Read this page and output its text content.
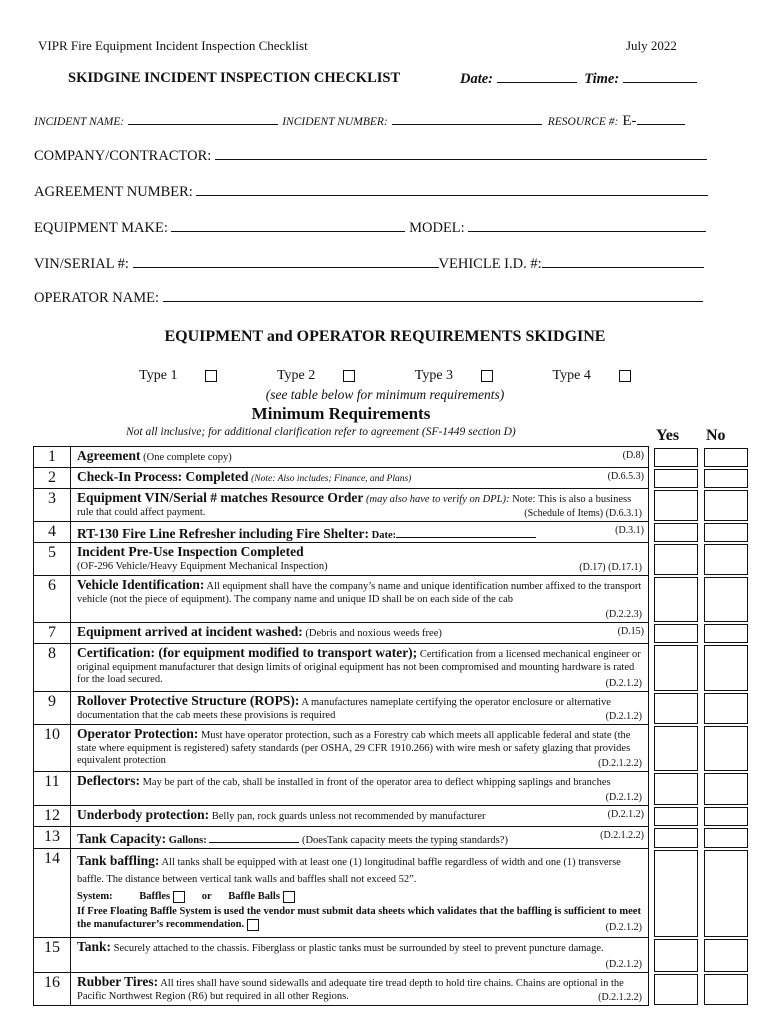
VIPR Fire Equipment Incident Inspection Checklist	July 2022
SKIDGINE INCIDENT INSPECTION CHECKLIST	Date:	Time:
INCIDENT NAME:	INCIDENT NUMBER:	RESOURCE #: E-
COMPANY/CONTRACTOR:
AGREEMENT NUMBER:
EQUIPMENT MAKE:	MODEL:
VIN/SERIAL #:	VEHICLE I.D. #:
OPERATOR NAME:
EQUIPMENT and OPERATOR REQUIREMENTS SKIDGINE
Type 1	Type 2	Type 3	Type 4
(see table below for minimum requirements)
Minimum Requirements
Not all inclusive; for additional clarification refer to agreement (SF-1449 section D)	Yes No
1	Agreement (One complete copy)	(D.8)
2	Check-In Process: Completed (Note: Also includes; Finance, and Plans)	(D.6.5.3)
3	Equipment VIN/Serial # matches Resource Order (may also have to verify on DPL): Note: This is also a business rule that could affect payment.	(Schedule of Items) (D.6.3.1)
4	RT-130 Fire Line Refresher including Fire Shelter: Date:	(D.3.1)
5	Incident Pre-Use Inspection Completed
(OF-296 Vehicle/Heavy Equipment Mechanical Inspection)	(D.17) (D.17.1)
6	Vehicle Identification: All equipment shall have the company’s name and unique identification number affixed to the transport vehicle (not the piece of equipment). The company name and unique ID shall be on each side of the cab
(D.2.2.3)
7	Equipment arrived at incident washed: (Debris and noxious weeds free)	(D.15)
8	Certification: (for equipment modified to transport water); Certification from a licensed mechanical engineer or original equipment manufacturer that design limits of original equipment has not been compromised and mounting hardware is rated for the load secured.	(D.2.1.2)
9	Rollover Protective Structure (ROPS): A manufactures nameplate certifying the operator enclosure or alternative documentation that the cab meets these provisions is required	(D.2.1.2)
10	Operator Protection: Must have operator protection, such as a Forestry cab which meets all applicable federal and state (the state where equipment is registered) safety standards (per OSHA, 29 CFR 1910.266) with wire mesh or safety glazing that provides equivalent protection	(D.2.1.2.2)
11	Deflectors: May be part of the cab, shall be installed in front of the operator area to deflect whipping saplings and branches
(D.2.1.2)
12	Underbody protection: Belly pan, rock guards unless not recommended by manufacturer	(D.2.1.2)
13	Tank Capacity: Gallons:	(DoesTank capacity meets the typing standards?)	(D.2.1.2.2)
14	Tank baffling: All tanks shall be equipped with at least one (1) longitudinal baffle regardless of width and one (1) transverse baffle. The distance between vertical tank walls and baffles shall not exceed 52”.
System:	Baffles	or Baffle Balls

If Free Floating Baffle System is used the vendor must submit data sheets which validates that the baffling is sufficient to meet the manufacturer’s recommendation.	(D.2.1.2)
15	Tank: Securely attached to the chassis. Fiberglass or plastic tanks must be surrounded by steel to prevent puncture damage.
(D.2.1.2)
16	Rubber Tires: All tires shall have sound sidewalls and adequate tire tread depth to hold tire chains. Chains are optional in the Pacific Northwest Region (R6) but required in all other Regions.	(D.2.1.2.2)
